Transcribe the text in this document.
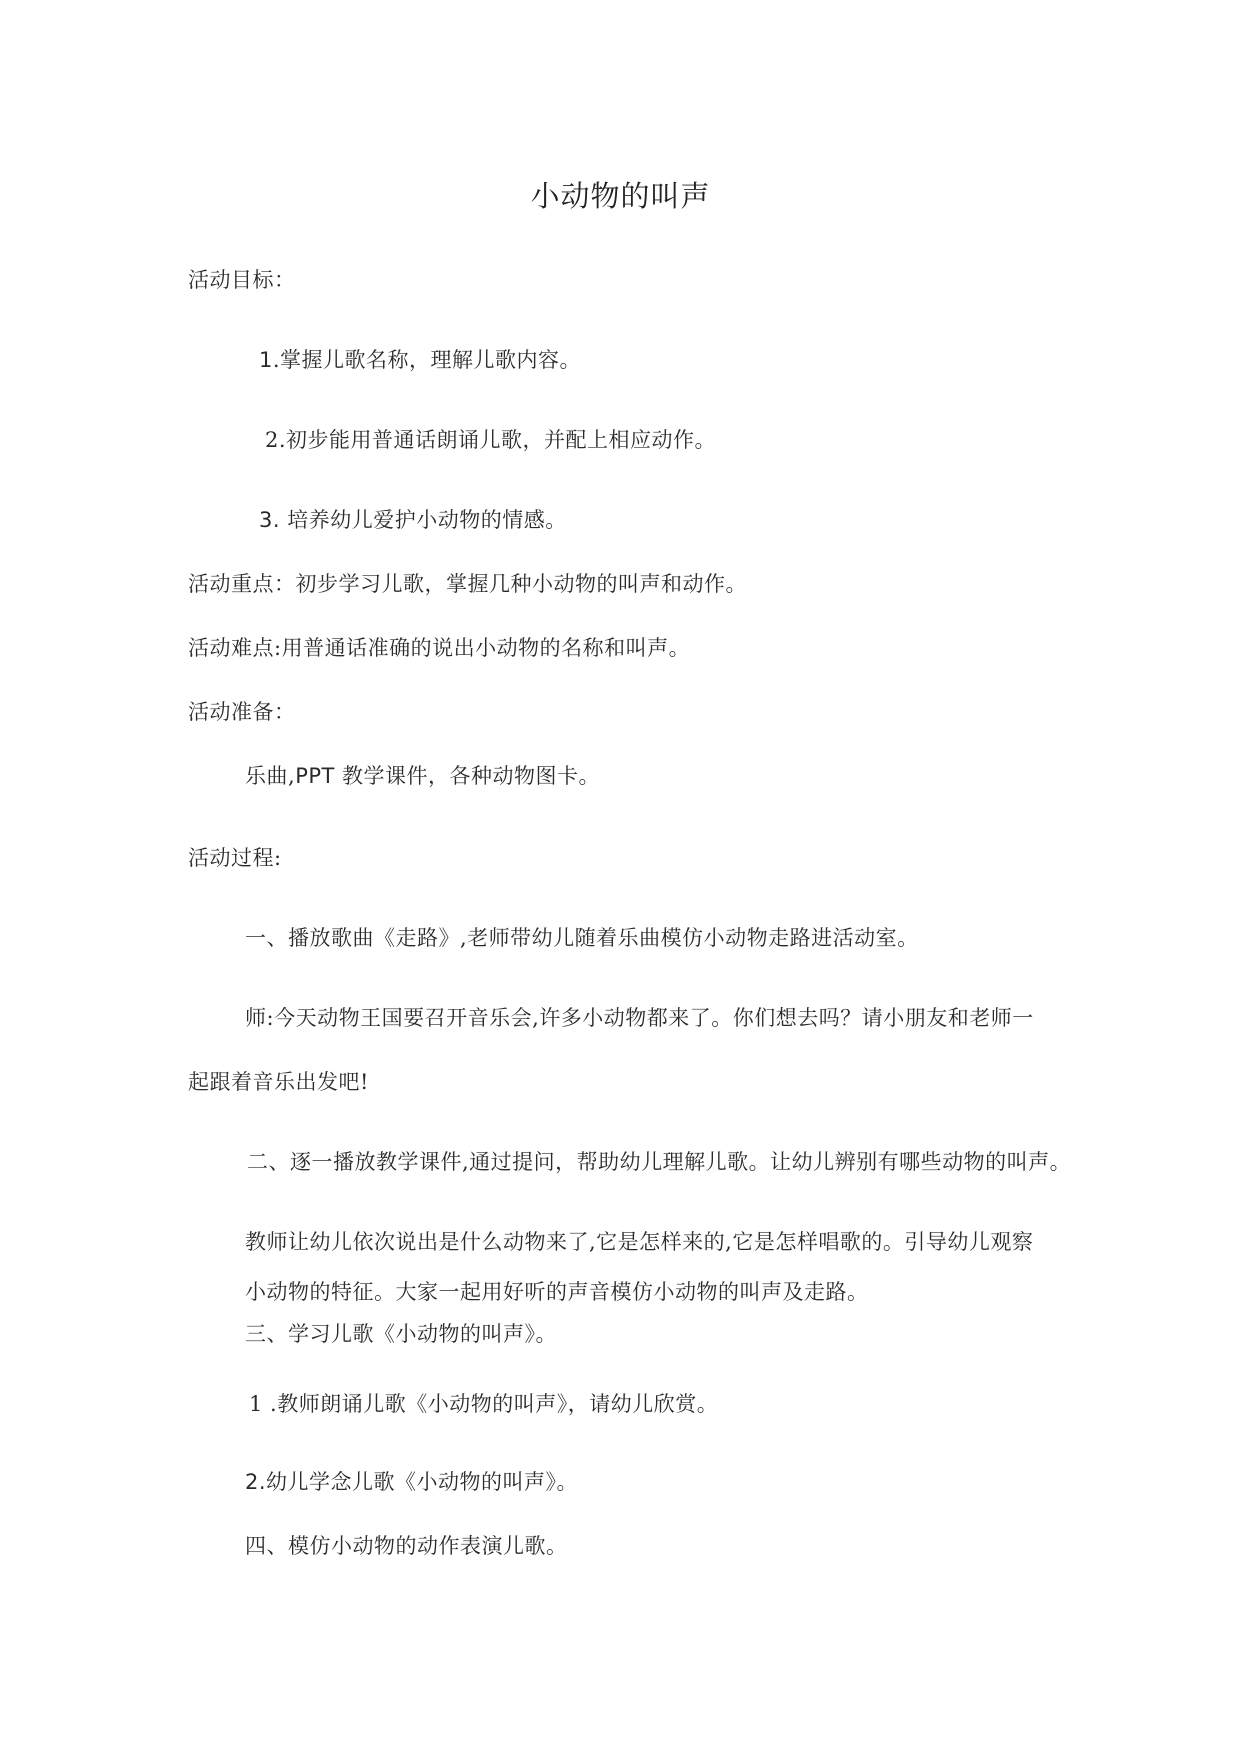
小动物的叫声
活动目标：
1.掌握儿歌名称，理解儿歌内容。
2.初步能用普通话朗诵儿歌，并配上相应动作。
3. 培养幼儿爱护小动物的情感。
活动重点：初步学习儿歌，掌握几种小动物的叫声和动作。
活动难点:用普通话准确的说出小动物的名称和叫声。
活动准备：
乐曲,PPT 教学课件，各种动物图卡。
活动过程:
一、播放歌曲《走路》,老师带幼儿随着乐曲模仿小动物走路进活动室。
师:今天动物王国要召开音乐会,许多小动物都来了。你们想去吗？请小朋友和老师一
起跟着音乐出发吧!
二、逐一播放教学课件,通过提问，帮助幼儿理解儿歌。让幼儿辨别有哪些动物的叫声。
教师让幼儿依次说出是什么动物来了,它是怎样来的,它是怎样唱歌的。引导幼儿观察
小动物的特征。大家一起用好听的声音模仿小动物的叫声及走路。
三、学习儿歌《小动物的叫声》。
1 .教师朗诵儿歌《小动物的叫声》，请幼儿欣赏。
2.幼儿学念儿歌《小动物的叫声》。
四、模仿小动物的动作表演儿歌。
